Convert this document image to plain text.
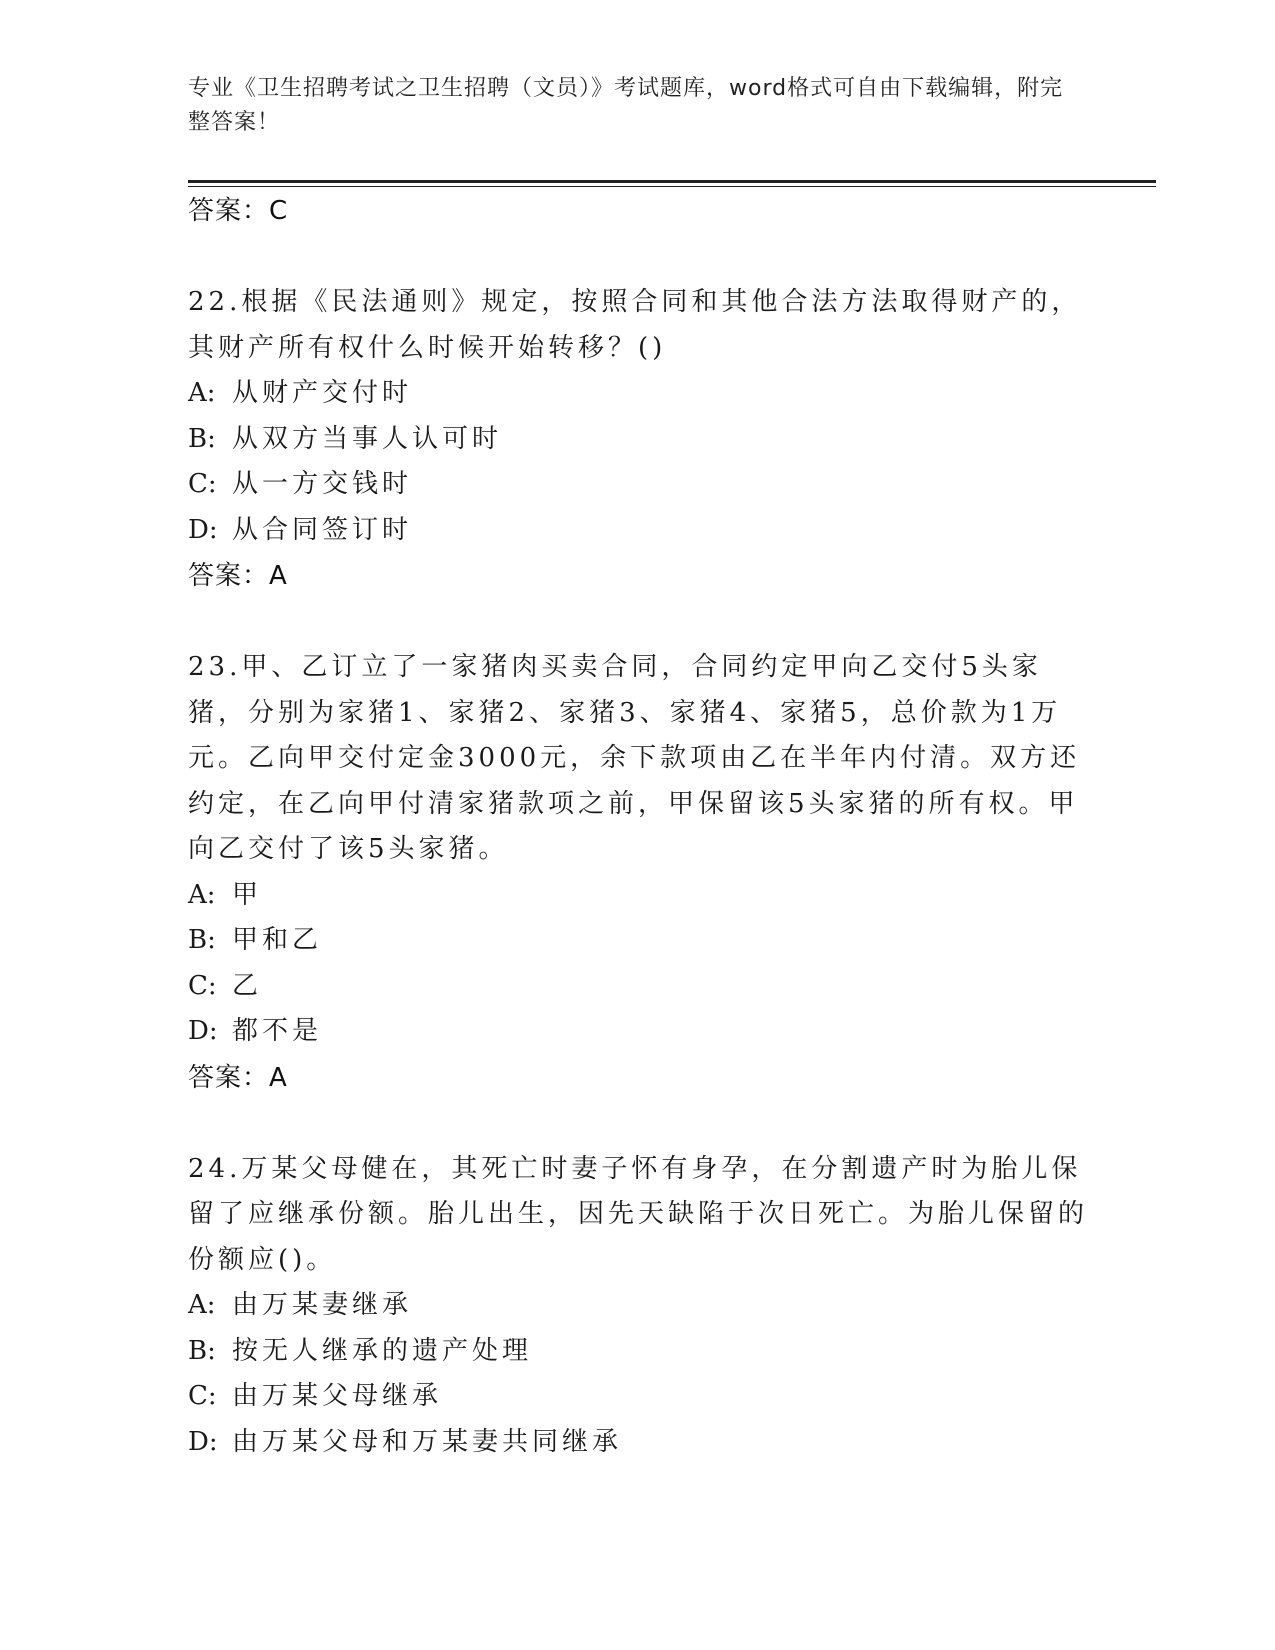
专业《卫生招聘考试之卫生招聘（文员）》考试题库，word格式可自由下载编辑，附完整答案！
答案：C
22.根据《民法通则》规定，按照合同和其他合法方法取得财产的，其财产所有权什么时候开始转移？()
A: 从财产交付时
B: 从双方当事人认可时
C: 从一方交钱时
D: 从合同签订时
答案：A
23.甲、乙订立了一家猪肉买卖合同，合同约定甲向乙交付5头家猪，分别为家猪1、家猪2、家猪3、家猪4、家猪5，总价款为1万元。乙向甲交付定金3000元，余下款项由乙在半年内付清。双方还约定，在乙向甲付清家猪款项之前，甲保留该5头家猪的所有权。甲向乙交付了该5头家猪。
A: 甲
B: 甲和乙
C: 乙
D: 都不是
答案：A
24.万某父母健在，其死亡时妻子怀有身孕，在分割遗产时为胎儿保留了应继承份额。胎儿出生，因先天缺陷于次日死亡。为胎儿保留的份额应()。
A: 由万某妻继承
B: 按无人继承的遗产处理
C: 由万某父母继承
D: 由万某父母和万某妻共同继承
